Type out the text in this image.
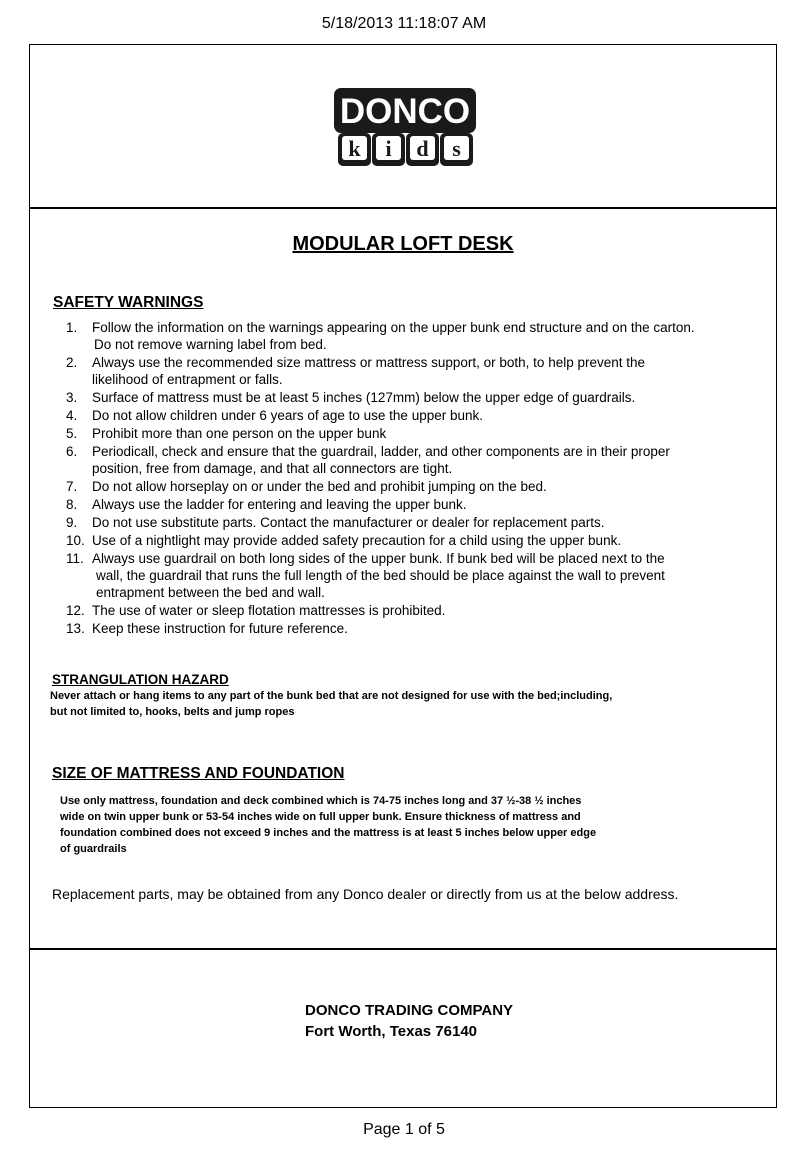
5/18/2013 11:18:07 AM
DONCO
k i d s
MODULAR LOFT DESK
SAFETY WARNINGS
1. Follow the information on the warnings appearing on the upper bunk end structure and on the carton.
Do not remove warning label from bed.
2. Always use the recommended size mattress or mattress support, or both, to help prevent the
likelihood of entrapment or falls.
3. Surface of mattress must be at least 5 inches (127mm) below the upper edge of guardrails.
4. Do not allow children under 6 years of age to use the upper bunk.
5. Prohibit more than one person on the upper bunk
6. Periodicall, check and ensure that the guardrail, ladder, and other components are in their proper
position, free from damage, and that all connectors are tight.
7. Do not allow horseplay on or under the bed and prohibit jumping on the bed.
8. Always use the ladder for entering and leaving the upper bunk.
9. Do not use substitute parts. Contact the manufacturer or dealer for replacement parts.
10. Use of a nightlight may provide added safety precaution for a child using the upper bunk.
11. Always use guardrail on both long sides of the upper bunk. If bunk bed will be placed next to the
wall, the guardrail that runs the full length of the bed should be place against the wall to prevent
entrapment between the bed and wall.
12. The use of water or sleep flotation mattresses is prohibited.
13. Keep these instruction for future reference.
STRANGULATION HAZARD
Never attach or hang items to any part of the bunk bed that are not designed for use with the bed;including,
but not limited to, hooks, belts and jump ropes
SIZE OF MATTRESS AND FOUNDATION
Use only mattress, foundation and deck combined which is 74-75 inches long and 37 ½-38 ½ inches
wide on twin upper bunk or 53-54 inches wide on full upper bunk. Ensure thickness of mattress and
foundation combined does not exceed 9 inches and the mattress is at least 5 inches below upper edge
of guardrails
Replacement parts, may be obtained from any Donco dealer or directly from us at the below address.
DONCO TRADING COMPANY
Fort Worth, Texas 76140
Page 1 of 5
